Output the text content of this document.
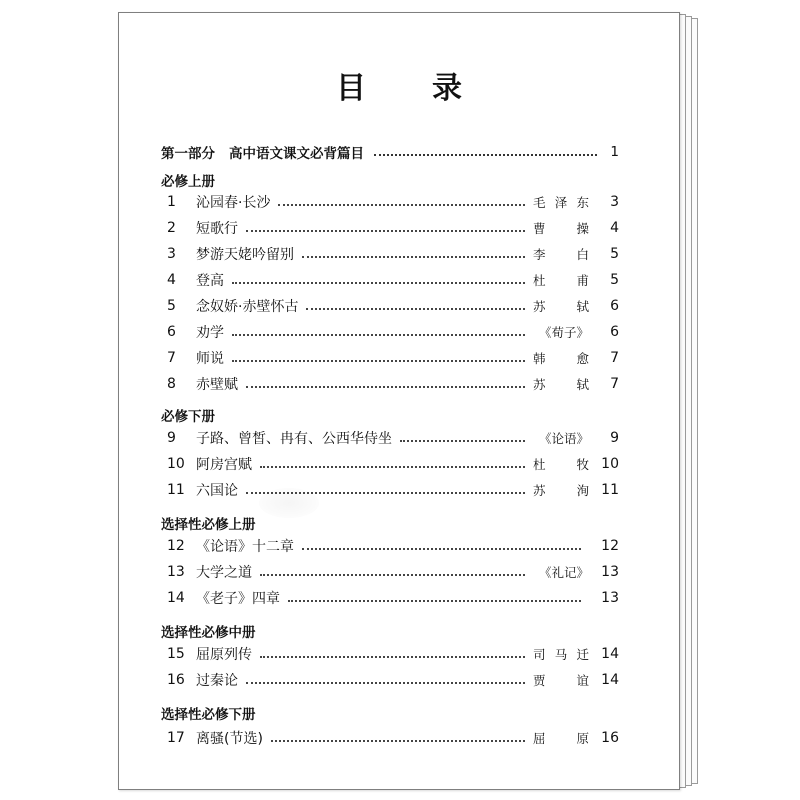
目 录
第一部分 高中语文课文必背篇目	1
必修上册
1	沁园春·长沙	毛泽东	3
2	短歌行	曹　操	4
3	梦游天姥吟留别	李　白	5
4	登高	杜　甫	5
5	念奴娇·赤壁怀古	苏　轼	6
6	劝学	《荀子》	6
7	师说	韩　愈	7
8	赤壁赋	苏　轼	7
必修下册
9	子路、曾皙、冉有、公西华侍坐	《论语》	9
10 阿房宫赋	杜　牧 10
11 六国论	苏　洵 11
选择性必修上册
12 《论语》十二章	12
13 大学之道	《礼记》 13
14 《老子》四章	13
选择性必修中册
15 屈原列传	司马迁 14
16 过秦论	贾　谊 14
选择性必修下册
17 离骚(节选)	屈　原 16
